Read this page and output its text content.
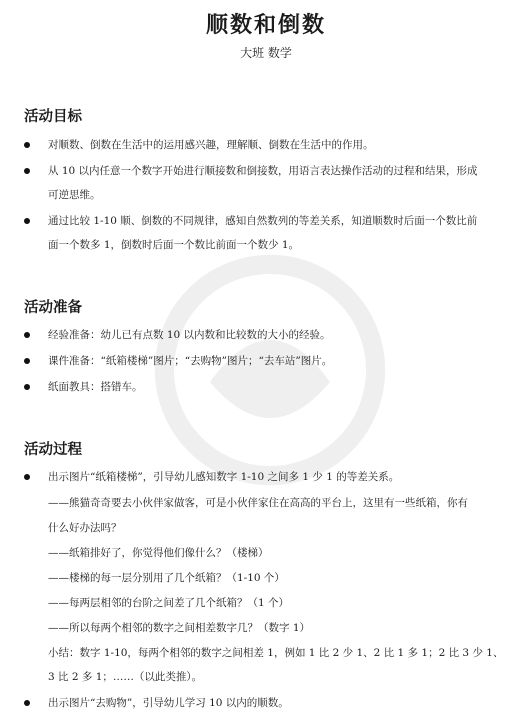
顺数和倒数
大班 数学
活动目标
对顺数、倒数在生活中的运用感兴趣，理解顺、倒数在生活中的作用。
从 10 以内任意一个数字开始进行顺接数和倒接数，用语言表达操作活动的过程和结果，形成
可逆思维。
通过比较 1-10 顺、倒数的不同规律，感知自然数列的等差关系，知道顺数时后面一个数比前
面一个数多 1，倒数时后面一个数比前面一个数少 1。
活动准备
经验准备：幼儿已有点数 10 以内数和比较数的大小的经验。
课件准备：“纸箱楼梯”图片；“去购物”图片；“去车站”图片。
纸面教具：搭错车。
活动过程
出示图片“纸箱楼梯”，引导幼儿感知数字 1-10 之间多 1 少 1 的等差关系。
——熊猫奇奇要去小伙伴家做客，可是小伙伴家住在高高的平台上，这里有一些纸箱，你有
什么好办法吗？
——纸箱排好了，你觉得他们像什么？（楼梯）
——楼梯的每一层分别用了几个纸箱？（1-10 个）
——每两层相邻的台阶之间差了几个纸箱？（1 个）
——所以每两个相邻的数字之间相差数字几？（数字 1）
小结：数字 1-10，每两个相邻的数字之间相差 1，例如 1 比 2 少 1、2 比 1 多 1；2 比 3 少 1、
3 比 2 多 1；……（以此类推）。
出示图片“去购物”，引导幼儿学习 10 以内的顺数。
